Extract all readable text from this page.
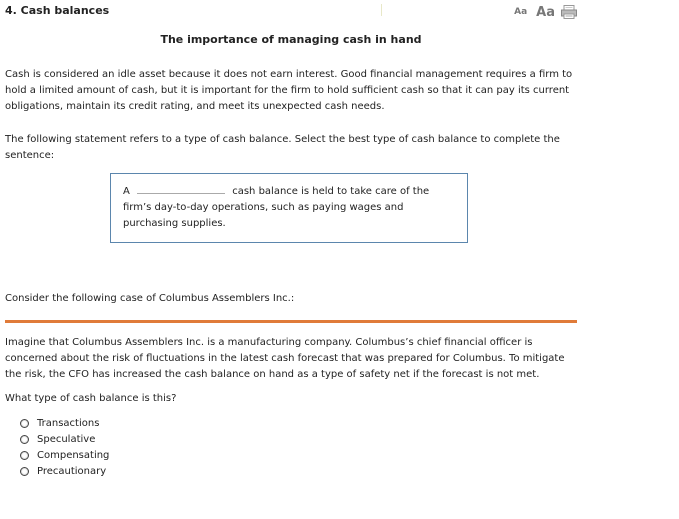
4. Cash balances	Aa Aa
The importance of managing cash in hand

Cash is considered an idle asset because it does not earn interest. Good financial management requires a firm to hold a limited amount of cash, but it is important for the firm to hold sufficient cash so that it can pay its current obligations, maintain its credit rating, and meet its unexpected cash needs.

The following statement refers to a type of cash balance. Select the best type of cash balance to complete the sentence:

A	cash balance is held to take care of the firm’s day-to-day operations, such as paying wages and purchasing supplies.

Consider the following case of Columbus Assemblers Inc.:

Imagine that Columbus Assemblers Inc. is a manufacturing company. Columbus’s chief financial officer is concerned about the risk of fluctuations in the latest cash forecast that was prepared for Columbus. To mitigate the risk, the CFO has increased the cash balance on hand as a type of safety net if the forecast is not met.

What type of cash balance is this?

Transactions
Speculative
Compensating
Precautionary
